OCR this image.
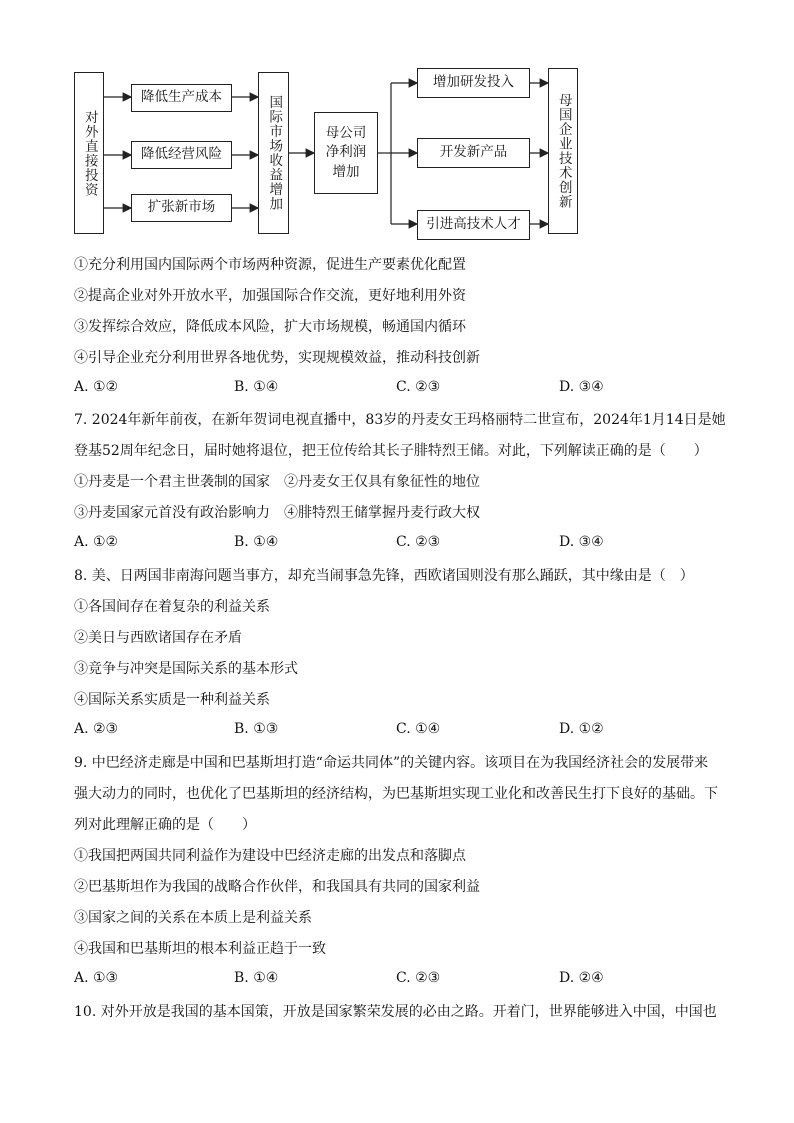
对外直接投资
降低生产成本
降低经营风险
扩张新市场	国际市场收益增加	母公司
净利润
增加
增加研发投入
开发新产品
引进高技术人才
母国企业技术创新
①充分利用国内国际两个市场两种资源，促进生产要素优化配置
②提高企业对外开放水平，加强国际合作交流，更好地利用外资
③发挥综合效应，降低成本风险，扩大市场规模，畅通国内循环
④引导企业充分利用世界各地优势，实现规模效益，推动科技创新
A. ①②	B. ①④	C. ②③	D. ③④
7. 2024年新年前夜，在新年贺词电视直播中，83岁的丹麦女王玛格丽特二世宣布，2024年1月14日是她
登基52周年纪念日，届时她将退位，把王位传给其长子腓特烈王储。对此，下列解读正确的是（　　）
①丹麦是一个君主世袭制的国家　②丹麦女王仅具有象征性的地位
③丹麦国家元首没有政治影响力　④腓特烈王储掌握丹麦行政大权
A. ①②	B. ①④	C. ②③	D. ③④
8. 美、日两国非南海问题当事方，却充当闹事急先锋，西欧诸国则没有那么踊跃，其中缘由是（　）
①各国间存在着复杂的利益关系
②美日与西欧诸国存在矛盾
③竞争与冲突是国际关系的基本形式
④国际关系实质是一种利益关系
A. ②③	B. ①③	C. ①④	D. ①②
9. 中巴经济走廊是中国和巴基斯坦打造“命运共同体”的关键内容。该项目在为我国经济社会的发展带来
强大动力的同时，也优化了巴基斯坦的经济结构，为巴基斯坦实现工业化和改善民生打下良好的基础。下
列对此理解正确的是（　　）
①我国把两国共同利益作为建设中巴经济走廊的出发点和落脚点
②巴基斯坦作为我国的战略合作伙伴，和我国具有共同的国家利益
③国家之间的关系在本质上是利益关系
④我国和巴基斯坦的根本利益正趋于一致
A. ①③	B. ①④	C. ②③	D. ②④
10. 对外开放是我国的基本国策，开放是国家繁荣发展的必由之路。开着门，世界能够进入中国，中国也
